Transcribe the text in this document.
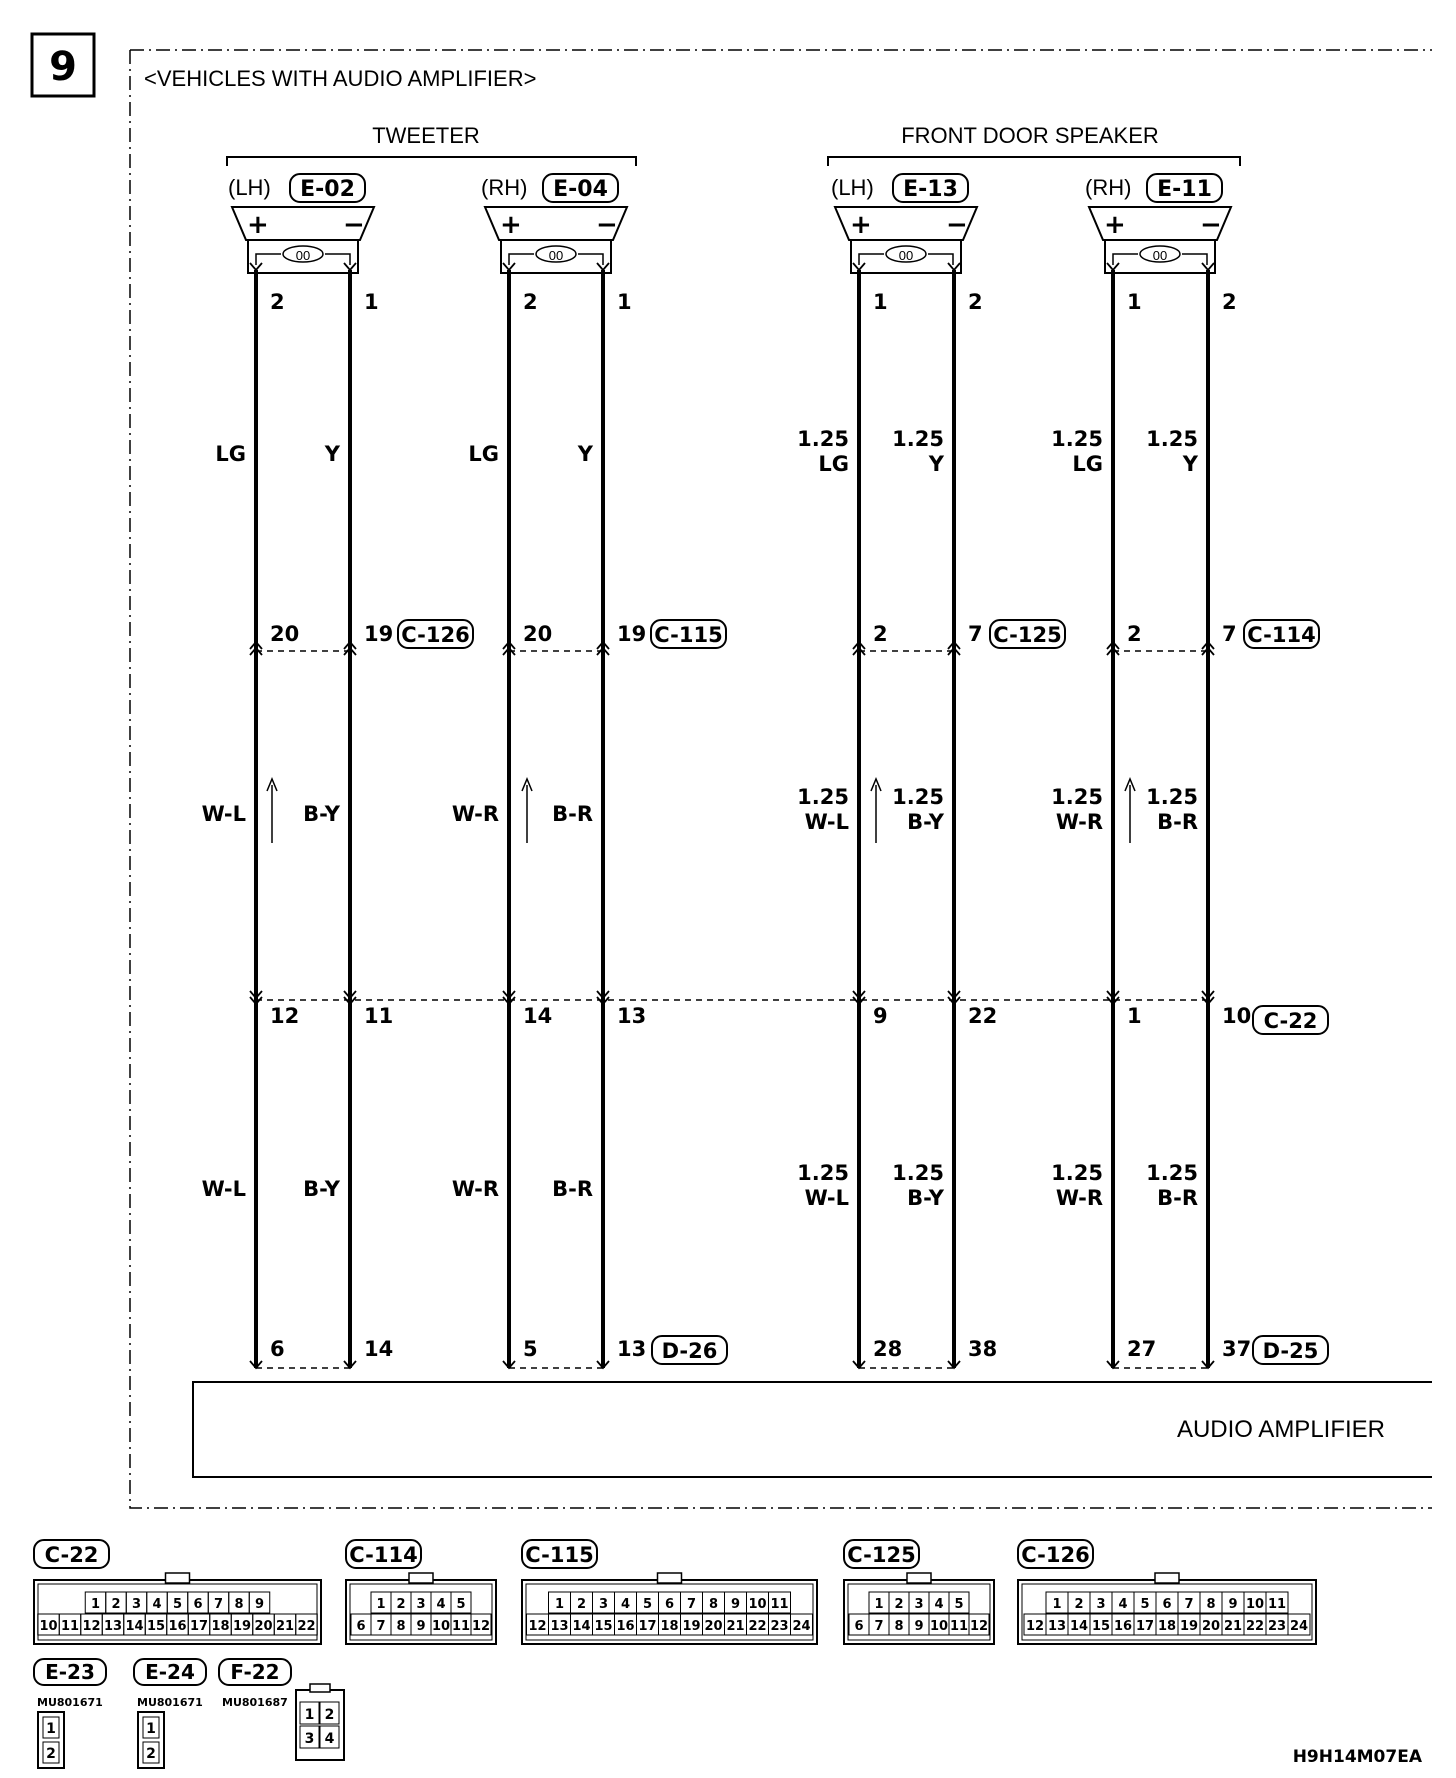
9	<VEHICLES WITH AUDIO AMPLIFIER>
TWEETER	FRONT DOOR SPEAKER
(LH) E-02
+	−
00
(RH) E-04
+	−
00
(LH) E-13
+	−
00
(RH) E-11
+	−
00
2
20
12
6
LG
W-L
W-L
1
19
11
14
Y
B-Y
B-Y
2
20
14
5
LG
W-R
W-R
1
19
13
13
Y
B-R
B-R
1
2
9
28
1.25
LG
1.25
W-L
1.25
W-L
2
7
22
38
1.25
Y
1.25
B-Y
1.25
B-Y
1
2
1
27
1.25
LG
1.25
W-R
1.25
W-R
2
7
10
37
1.25
Y
1.25
B-R
1.25
B-R
C-126	C-115	C-125	C-114
C-22
D-26	D-25
AUDIO AMPLIFIER
C-22
1 2 3 4 5 6 7 8 9
10 11 12 13 14 15 16 17 18 19 20 21 22
C-114
1 2 3 4 5
6 7 8 9 10 11 12
C-115
1 2 3 4 5 6 7 8 9 10 11
12 13 14 15 16 17 18 19 20 21 22 23 24
C-125
1 2 3 4 5
6 7 8 9 10 11 12
C-126
1 2 3 4 5 6 7 8 9 10 11
12 13 14 15 16 17 18 19 20 21 22 23 24
E-23
MU801671
1
2
E-24
MU801671
1
2
F-22
MU801687
1 2
3 4
H9H14M07EA
